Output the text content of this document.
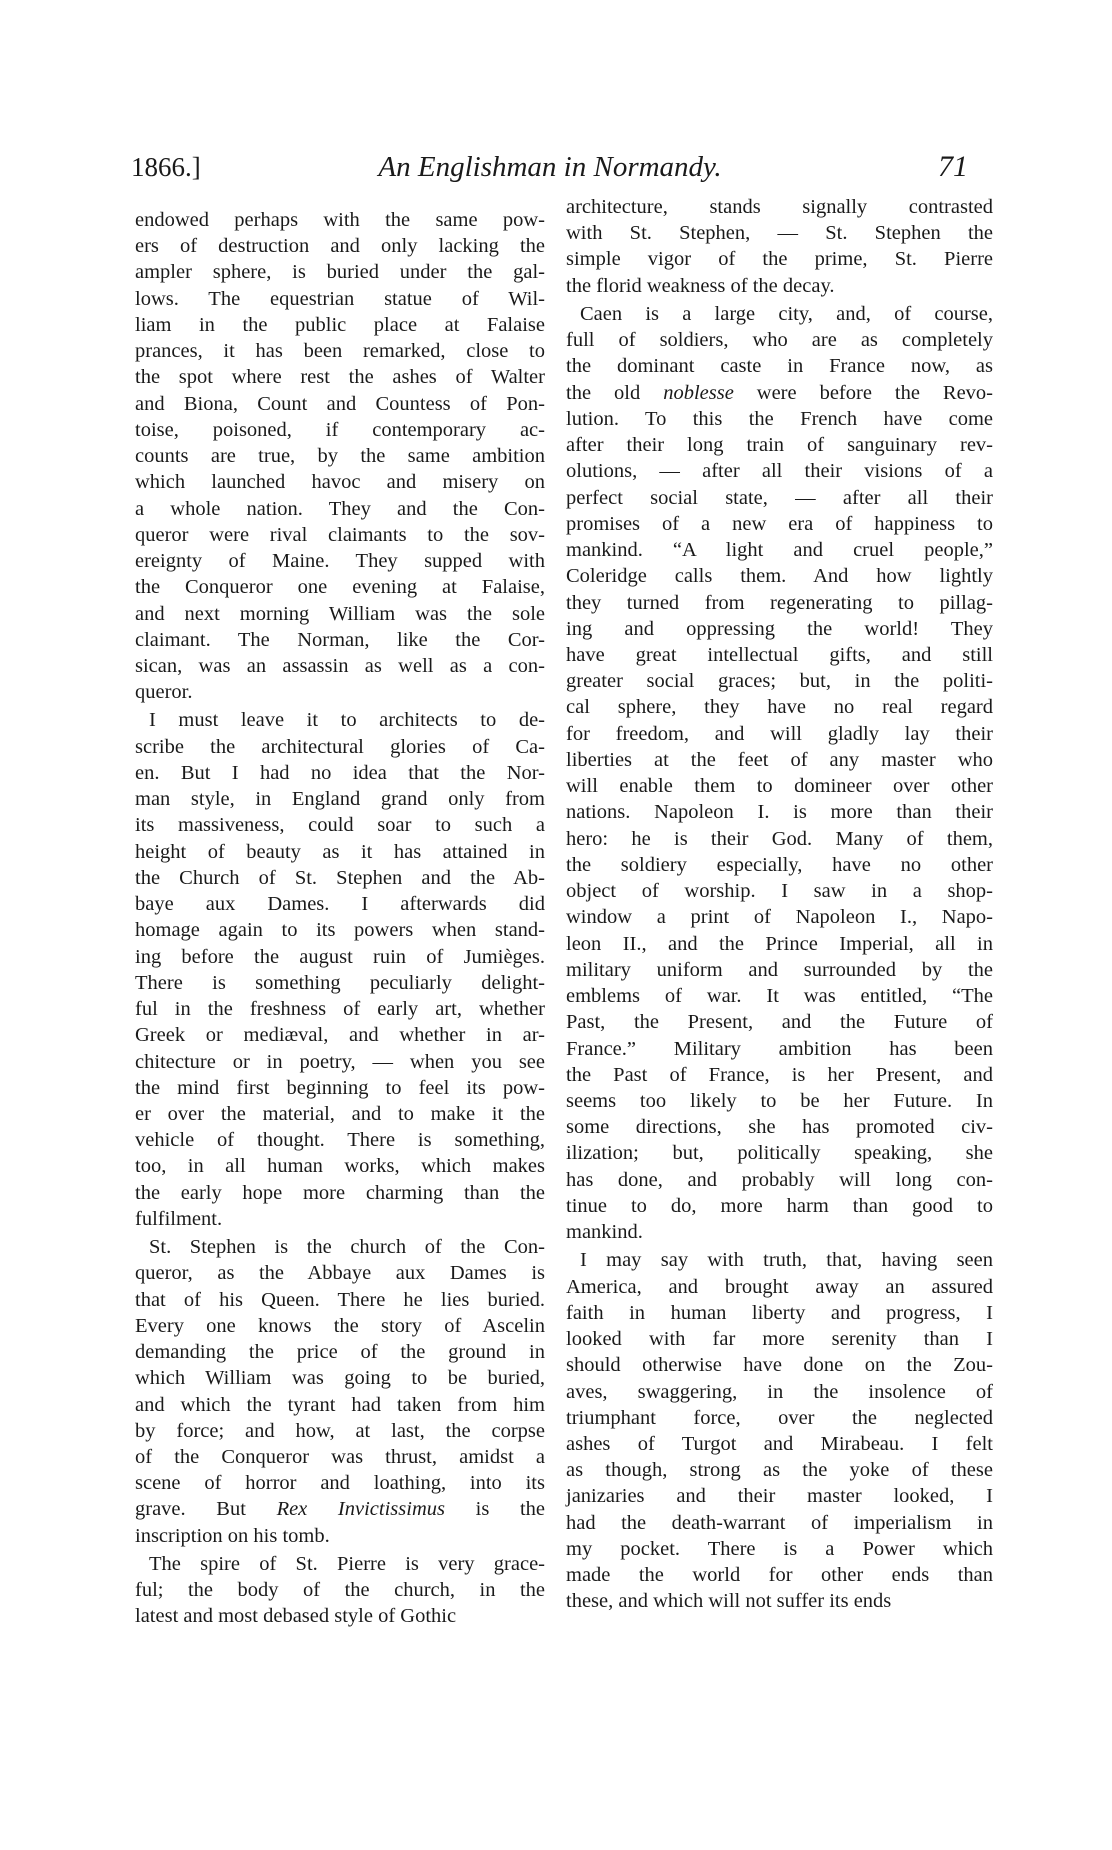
1866.]	An Englishman in Normandy.	71
endowed perhaps with the same pow-
ers of destruction and only lacking the
ampler sphere, is buried under the gal-
lows. The equestrian statue of Wil-
liam in the public place at Falaise
prances, it has been remarked, close to
the spot where rest the ashes of Walter
and Biona, Count and Countess of Pon-
toise, poisoned, if contemporary ac-
counts are true, by the same ambition
which launched havoc and misery on
a whole nation. They and the Con-
queror were rival claimants to the sov-
ereignty of Maine. They supped with
the Conqueror one evening at Falaise,
and next morning William was the sole
claimant. The Norman, like the Cor-
sican, was an assassin as well as a con-
queror.
I must leave it to architects to de-
scribe the architectural glories of Ca-
en. But I had no idea that the Nor-
man style, in England grand only from
its massiveness, could soar to such a
height of beauty as it has attained in
the Church of St. Stephen and the Ab-
baye aux Dames. I afterwards did
homage again to its powers when stand-
ing before the august ruin of Jumièges.
There is something peculiarly delight-
ful in the freshness of early art, whether
Greek or mediæval, and whether in ar-
chitecture or in poetry, — when you see
the mind first beginning to feel its pow-
er over the material, and to make it the
vehicle of thought. There is something,
too, in all human works, which makes
the early hope more charming than the
fulfilment.
St. Stephen is the church of the Con-
queror, as the Abbaye aux Dames is
that of his Queen. There he lies buried.
Every one knows the story of Ascelin
demanding the price of the ground in
which William was going to be buried,
and which the tyrant had taken from him
by force; and how, at last, the corpse
of the Conqueror was thrust, amidst a
scene of horror and loathing, into its
grave. But Rex Invictissimus is the
inscription on his tomb.
The spire of St. Pierre is very grace-
ful; the body of the church, in the
latest and most debased style of Gothic
architecture, stands signally contrasted
with St. Stephen, — St. Stephen the
simple vigor of the prime, St. Pierre
the florid weakness of the decay.
Caen is a large city, and, of course,
full of soldiers, who are as completely
the dominant caste in France now, as
the old noblesse were before the Revo-
lution. To this the French have come
after their long train of sanguinary rev-
olutions, — after all their visions of a
perfect social state, — after all their
promises of a new era of happiness to
mankind. “A light and cruel people,”
Coleridge calls them. And how lightly
they turned from regenerating to pillag-
ing and oppressing the world! They
have great intellectual gifts, and still
greater social graces; but, in the politi-
cal sphere, they have no real regard
for freedom, and will gladly lay their
liberties at the feet of any master who
will enable them to domineer over other
nations. Napoleon I. is more than their
hero: he is their God. Many of them,
the soldiery especially, have no other
object of worship. I saw in a shop-
window a print of Napoleon I., Napo-
leon II., and the Prince Imperial, all in
military uniform and surrounded by the
emblems of war. It was entitled, “The
Past, the Present, and the Future of
France.” Military ambition has been
the Past of France, is her Present, and
seems too likely to be her Future. In
some directions, she has promoted civ-
ilization; but, politically speaking, she
has done, and probably will long con-
tinue to do, more harm than good to
mankind.
I may say with truth, that, having seen
America, and brought away an assured
faith in human liberty and progress, I
looked with far more serenity than I
should otherwise have done on the Zou-
aves, swaggering, in the insolence of
triumphant force, over the neglected
ashes of Turgot and Mirabeau. I felt
as though, strong as the yoke of these
janizaries and their master looked, I
had the death-warrant of imperialism in
my pocket. There is a Power which
made the world for other ends than
these, and which will not suffer its ends
